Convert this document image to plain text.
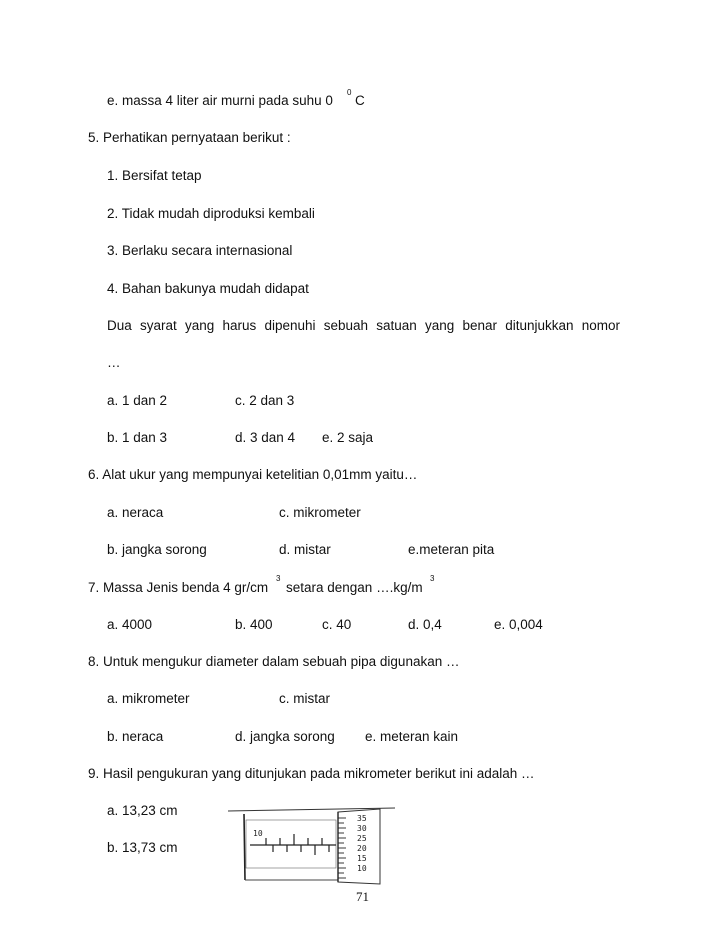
e. massa 4 liter air murni pada suhu 0
0
C
5. Perhatikan pernyataan berikut :
1. Bersifat tetap
2. Tidak mudah diproduksi kembali
3. Berlaku secara internasional
4. Bahan bakunya mudah didapat
Dua syarat yang harus dipenuhi sebuah satuan yang benar ditunjukkan nomor
…
a. 1 dan 2	c. 2 dan 3
b. 1 dan 3	d. 3 dan 4 e. 2 saja
6. Alat ukur yang mempunyai ketelitian 0,01mm yaitu…
a. neraca	c. mikrometer
b. jangka sorong	d. mistar	e.meteran pita
7. Massa Jenis benda 4 gr/cm
3
setara dengan ….kg/m
3
a. 4000	b. 400	c. 40	d. 0,4	e. 0,004
8. Untuk mengukur diameter dalam sebuah pipa digunakan …
a. mikrometer	c. mistar
b. neraca	d. jangka sorong e. meteran kain
9. Hasil pengukuran yang ditunjukan pada mikrometer berikut ini adalah …
a. 13,23 cm
b. 13,73 cm
10
35
30
25
20
15
10
71
